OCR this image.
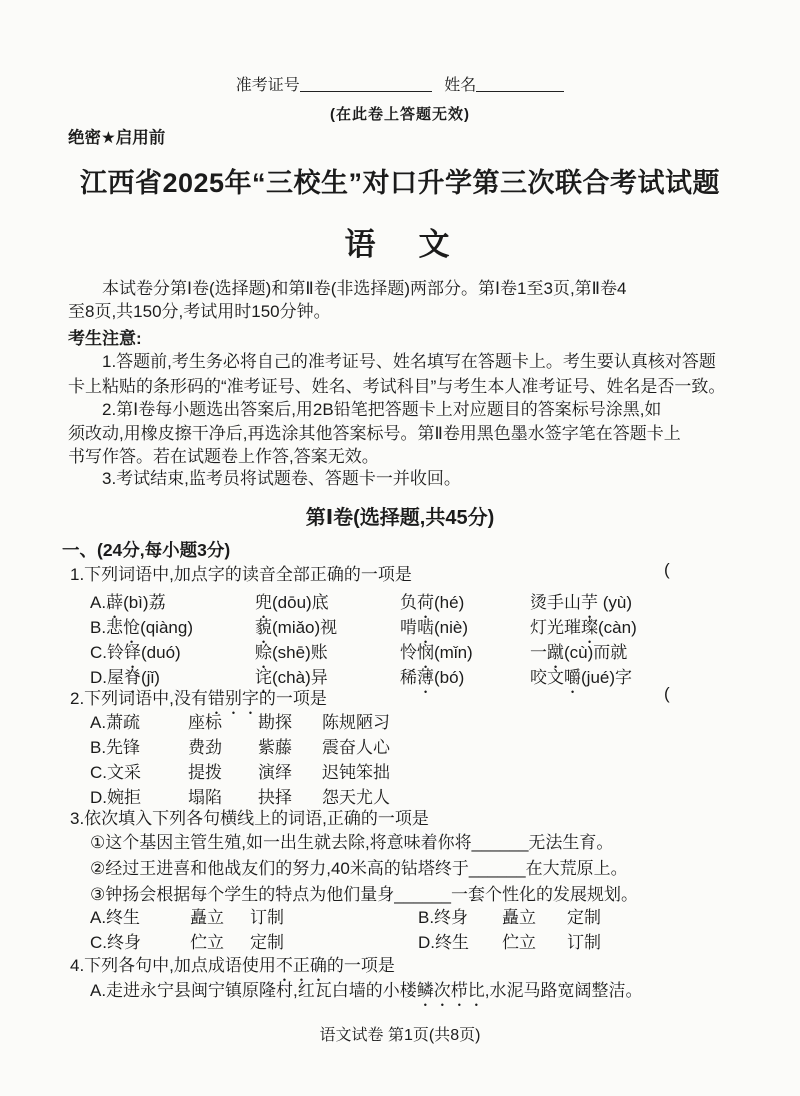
准考证号	姓名
(在此卷上答题无效)
绝密★启用前
江西省2025年“三校生”对口升学第三次联合考试试题
语　文
本试卷分第Ⅰ卷(选择题)和第Ⅱ卷(非选择题)两部分。第Ⅰ卷1至3页,第Ⅱ卷4
至8页,共150分,考试用时150分钟。
考生注意:
1.答题前,考生务必将自己的准考证号、姓名填写在答题卡上。考生要认真核对答题
卡上粘贴的条形码的“准考证号、姓名、考试科目”与考生本人准考证号、姓名是否一致。
2.第Ⅰ卷每小题选出答案后,用2B铅笔把答题卡上对应题目的答案标号涂黑,如
须改动,用橡皮擦干净后,再选涂其他答案标号。第Ⅱ卷用黑色墨水签字笔在答题卡上
书写作答。若在试题卷上作答,答案无效。
3.考试结束,监考员将试题卷、答题卡一并收回。
第Ⅰ卷(选择题,共45分)
一、(24分,每小题3分)
1.下列词语中,加点字的读音全部正确的一项是	(
A.薜(bì)荔	兜(dōu)底	负荷(hé)	烫手山芋 (yù)
B.悲怆(qiàng)	藐(miǎo)视	啃啮(niè)	灯光璀璨(càn)
C.铃铎(duó)	赊(shē)账	怜悯(mǐn)	一蹴(cù)而就
D.屋脊(jǐ)	诧(chà)异	稀薄(bó)	咬文嚼(jué)字
2.下列词语中,没有错别字的一项是	(
A.萧疏	座标 勘探 陈规陋习
B.先锋	费劲 紫藤 震奋人心
C.文采	提拨 演绎 迟钝笨拙
D.婉拒	塌陷 抉择 怨天尤人
3.依次填入下列各句横线上的词语,正确的一项是
①这个基因主管生殖,如一出生就去除,将意味着你将______无法生育。
②经过王进喜和他战友们的努力,40米高的钻塔终于______在大荒原上。
③钟扬会根据每个学生的特点为他们量身______一套个性化的发展规划。
A.终生	矗立 订制	B.终身 矗立 定制
C.终身	伫立 定制	D.终生 伫立 订制
4.下列各句中,加点成语使用不正确的一项是
A.走进永宁县闽宁镇原隆村,红瓦白墙的小楼鳞次栉比,水泥马路宽阔整洁。
语文试卷 第1页(共8页)
